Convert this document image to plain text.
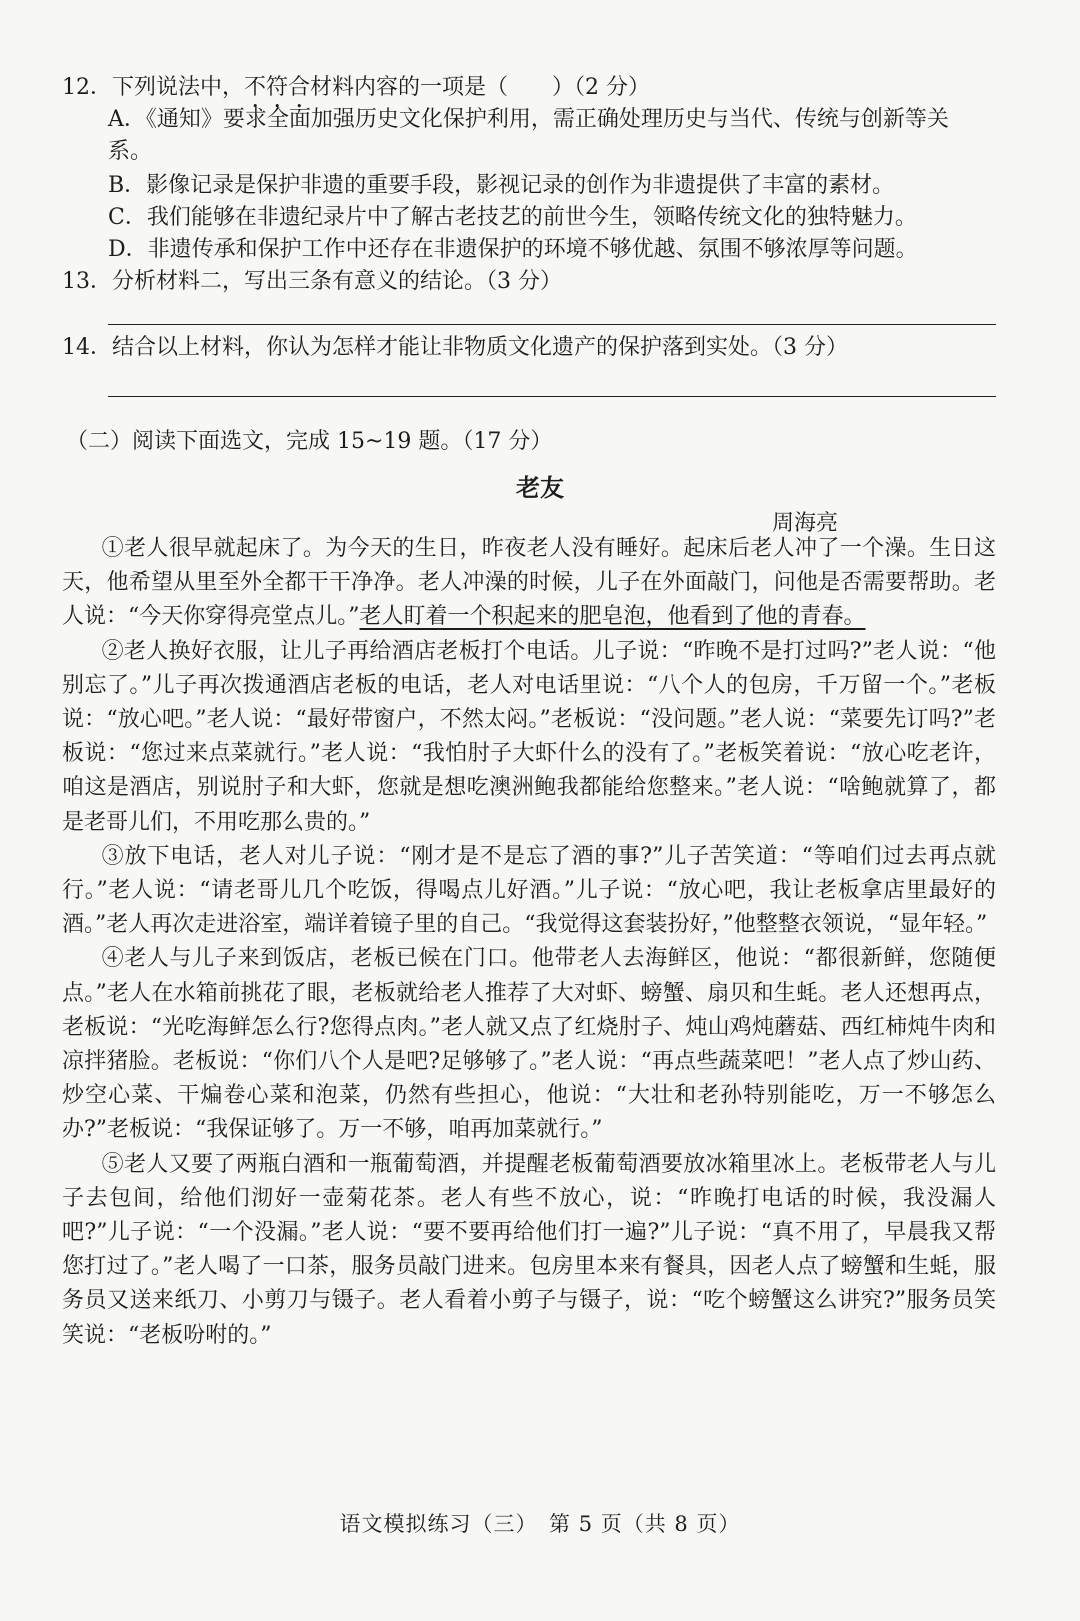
12．下列说法中，不符合材料内容的一项是（　　）（2 分）
A．《通知》要求全面加强历史文化保护利用，需正确处理历史与当代、传统与创新等关系。
B．影像记录是保护非遗的重要手段，影视记录的创作为非遗提供了丰富的素材。
C．我们能够在非遗纪录片中了解古老技艺的前世今生，领略传统文化的独特魅力。
D．非遗传承和保护工作中还存在非遗保护的环境不够优越、氛围不够浓厚等问题。
13．分析材料二，写出三条有意义的结论。（3 分）
14．结合以上材料，你认为怎样才能让非物质文化遗产的保护落到实处。（3 分）
（二）阅读下面选文，完成 15~19 题。（17 分）
老友
周海亮

①老人很早就起床了。为今天的生日，昨夜老人没有睡好。起床后老人冲了一个澡。生日这天，他希望从里至外全都干干净净。老人冲澡的时候，儿子在外面敲门，问他是否需要帮助。老人说：“今天你穿得亮堂点儿。”老人盯着一个积起来的肥皂泡，他看到了他的青春。

②老人换好衣服，让儿子再给酒店老板打个电话。儿子说：“昨晚不是打过吗?”老人说：“他别忘了。”儿子再次拨通酒店老板的电话，老人对电话里说：“八个人的包房，千万留一个。”老板说：“放心吧。”老人说：“最好带窗户，不然太闷。”老板说：“没问题。”老人说：“菜要先订吗?”老板说：“您过来点菜就行。”老人说：“我怕肘子大虾什么的没有了。”老板笑着说：“放心吃老许，咱这是酒店，别说肘子和大虾，您就是想吃澳洲鲍我都能给您整来。”老人说：“啥鲍就算了，都是老哥儿们，不用吃那么贵的。”

③放下电话，老人对儿子说：“刚才是不是忘了酒的事?”儿子苦笑道：“等咱们过去再点就行。”老人说：“请老哥儿几个吃饭，得喝点儿好酒。”儿子说：“放心吧，我让老板拿店里最好的酒。”老人再次走进浴室，端详着镜子里的自己。“我觉得这套装扮好，”他整整衣领说，“显年轻。”

④老人与儿子来到饭店，老板已候在门口。他带老人去海鲜区，他说：“都很新鲜，您随便点。”老人在水箱前挑花了眼，老板就给老人推荐了大对虾、螃蟹、扇贝和生蚝。老人还想再点，老板说：“光吃海鲜怎么行?您得点肉。”老人就又点了红烧肘子、炖山鸡炖蘑菇、西红柿炖牛肉和凉拌猪脸。老板说：“你们八个人是吧?足够够了。”老人说：“再点些蔬菜吧！”老人点了炒山药、炒空心菜、干煸卷心菜和泡菜，仍然有些担心，他说：“大壮和老孙特别能吃，万一不够怎么办?”老板说：“我保证够了。万一不够，咱再加菜就行。”

⑤老人又要了两瓶白酒和一瓶葡萄酒，并提醒老板葡萄酒要放冰箱里冰上。老板带老人与儿子去包间，给他们沏好一壶菊花茶。老人有些不放心，说：“昨晚打电话的时候，我没漏人吧?”儿子说：“一个没漏。”老人说：“要不要再给他们打一遍?”儿子说：“真不用了，早晨我又帮您打过了。”老人喝了一口茶，服务员敲门进来。包房里本来有餐具，因老人点了螃蟹和生蚝，服务员又送来纸刀、小剪刀与镊子。老人看着小剪子与镊子，说：“吃个螃蟹这么讲究?”服务员笑笑说：“老板吩咐的。”

语文模拟练习（三）　第 5 页（共 8 页）
